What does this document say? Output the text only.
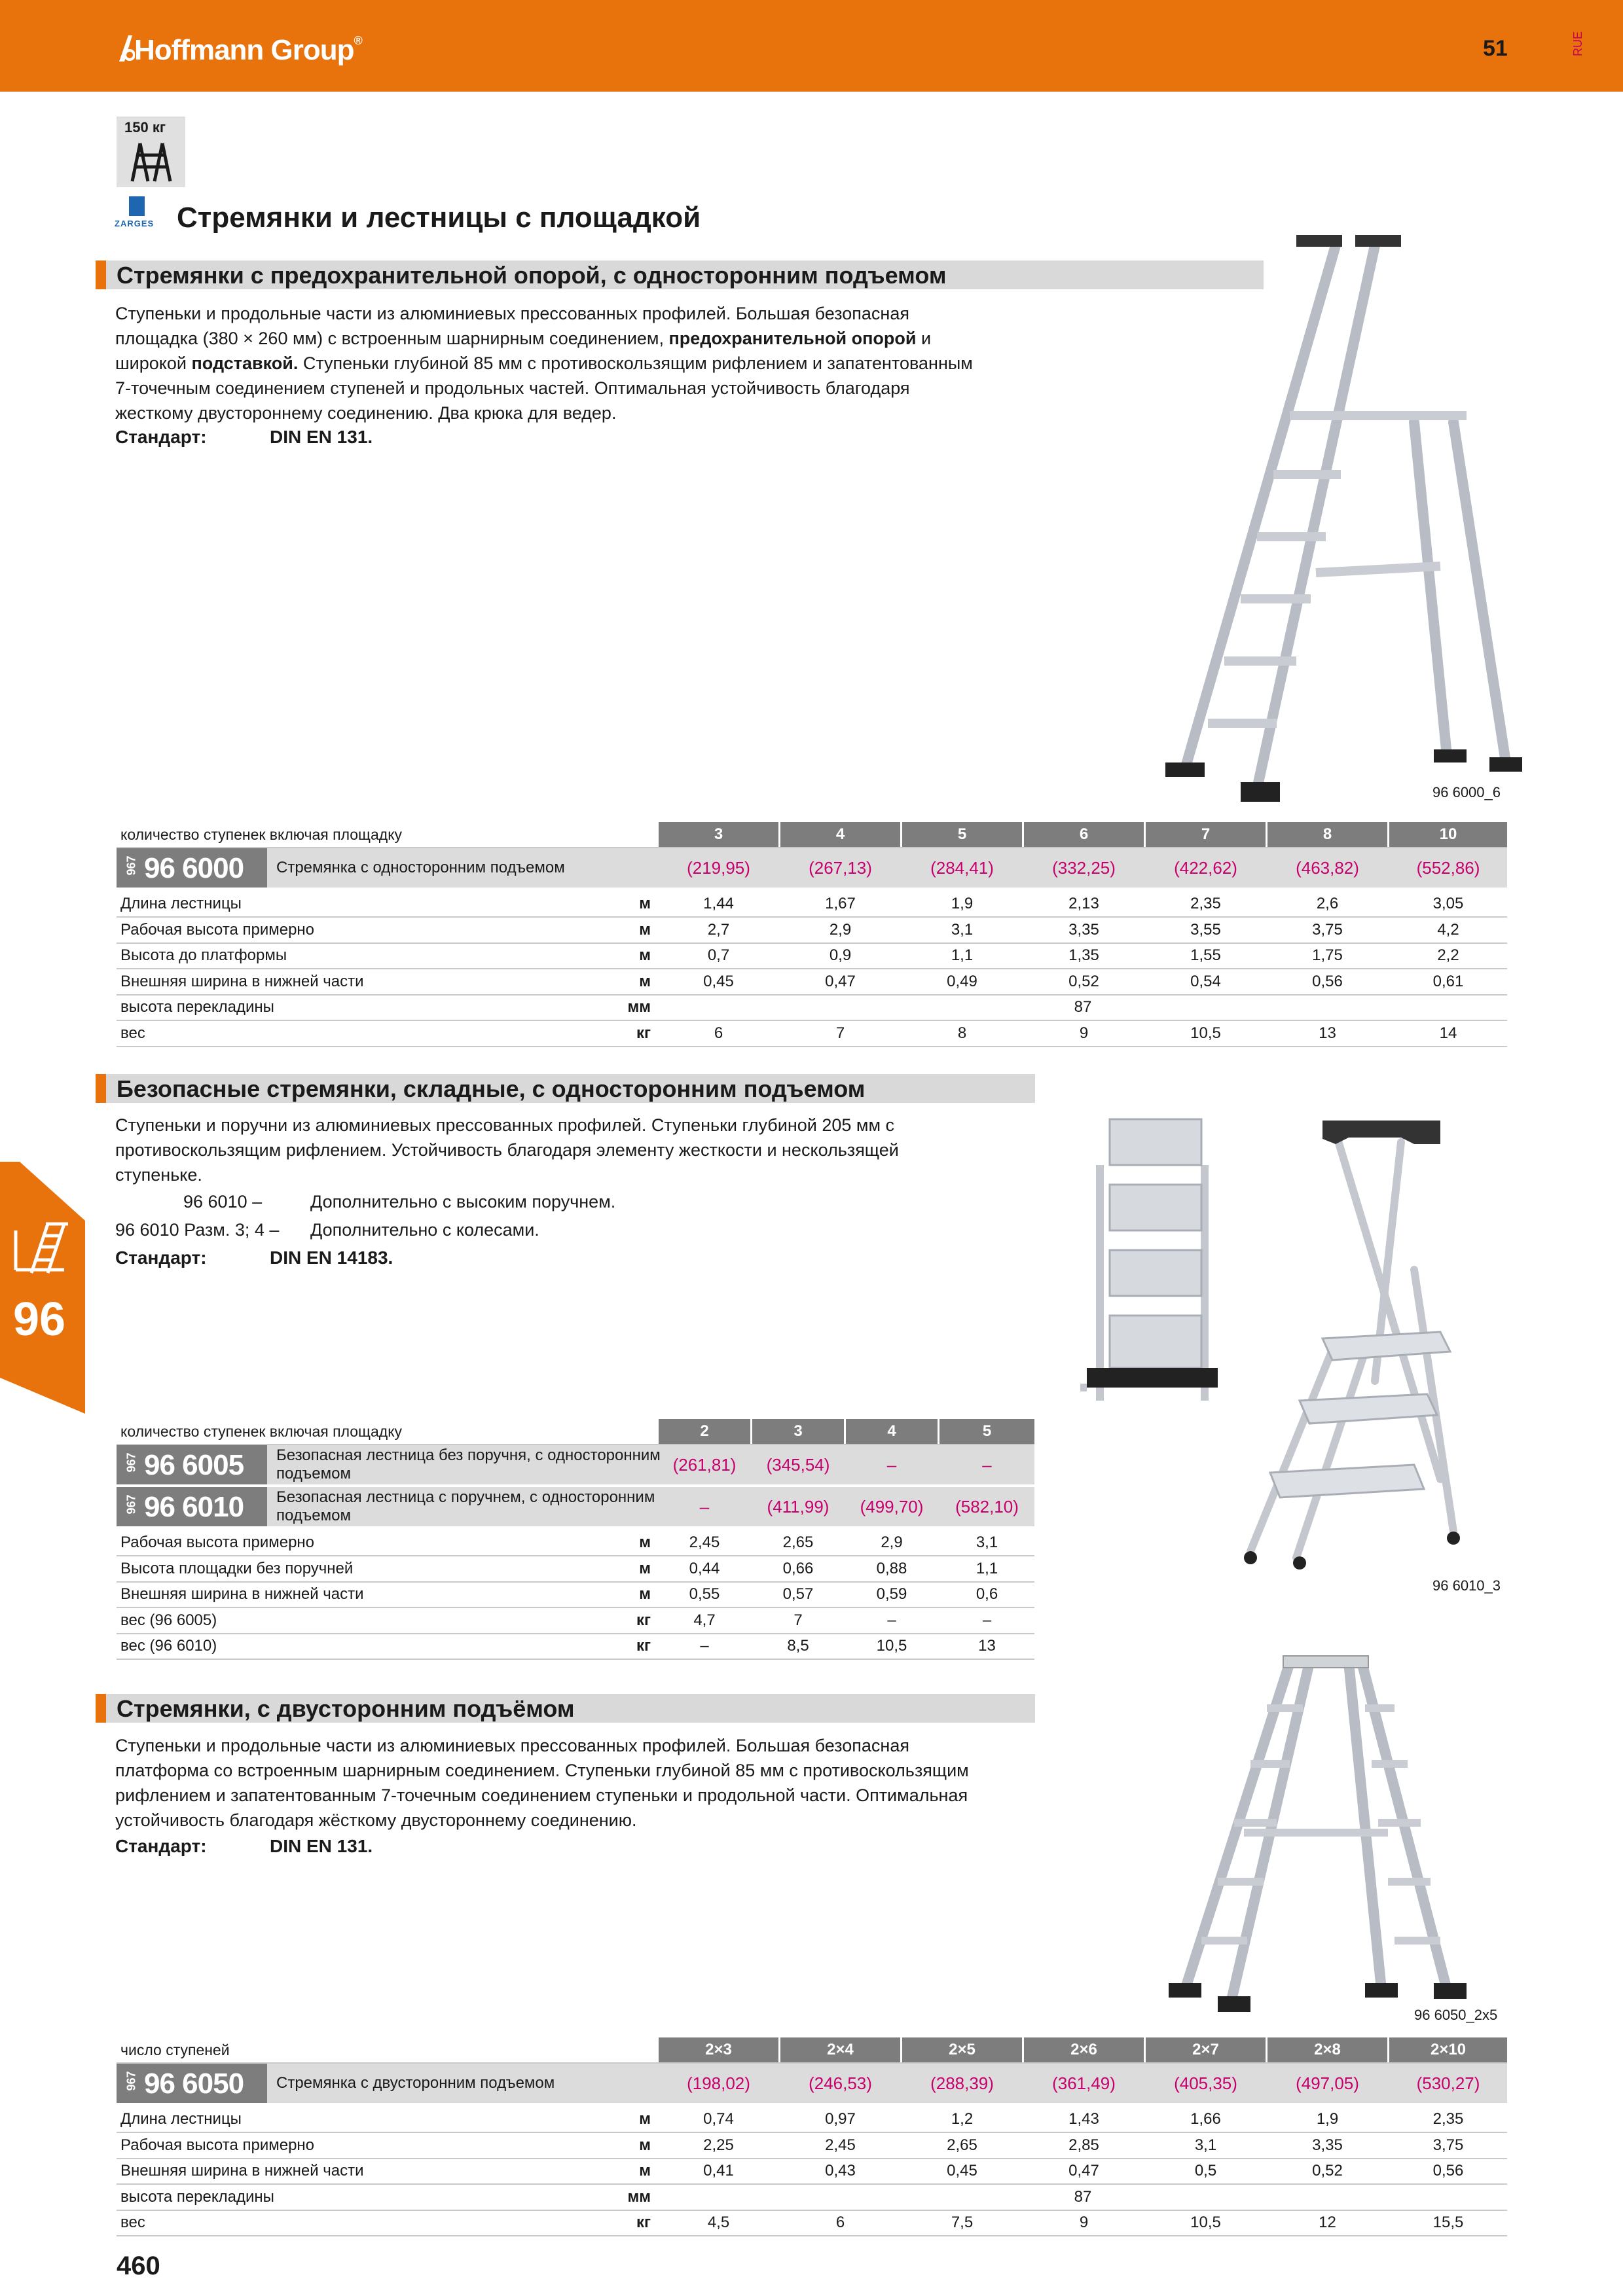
Hoffmann Group®	51	RUE
150 кг
ZARGES Стремянки и лестницы с площадкой
Стремянки с предохранительной опорой, с односторонним подъемом
Ступеньки и продольные части из алюминиевых прессованных профилей. Большая безопасная
площадка (380 × 260 мм) с встроенным шарнирным соединением, предохранительной опорой и
широкой подставкой. Ступеньки глубиной 85 мм с противоскользящим рифлением и запатентованным
7-точечным соединением ступеней и продольных частей. Оптимальная устойчивость благодаря
жесткому двустороннему соединению. Два крюка для ведер.
Стандарт:	DIN EN 131.
96 6000_6
количество ступенек включая площадку	3	4	5	6	7	8	10
967 96 6000 Стремянка с односторонним подъемом	(219,95)	(267,13)	(284,41)	(332,25)	(422,62)	(463,82)	(552,86)
Длина лестницы	м	1,44	1,67	1,9	2,13	2,35	2,6	3,05
Рабочая высота примерно	м	2,7	2,9	3,1	3,35	3,55	3,75	4,2
Высота до платформы	м	0,7	0,9	1,1	1,35	1,55	1,75	2,2
Внешняя ширина в нижней части	м	0,45	0,47	0,49	0,52	0,54	0,56	0,61
высота перекладины	мм	87
вес	кг	6	7	8	9	10,5	13	14
Безопасные стремянки, складные, с односторонним подъемом
Ступеньки и поручни из алюминиевых прессованных профилей. Ступеньки глубиной 205 мм с
противоскользящим рифлением. Устойчивость благодаря элементу жесткости и нескользящей
ступеньке.
96 6010 –	Дополнительно с высоким поручнем.
96 6010 Разм. 3; 4 – Дополнительно с колесами.
Стандарт:	DIN EN 14183.
96 6010_3
количество ступенек включая площадку	2	3	4	5
967 96 6005 Безопасная лестница без поручня, с односторонним
подъемом	(261,81)	(345,54)	–	–
967 96 6010 Безопасная лестница с поручнем, с односторонним
подъемом	–	(411,99)	(499,70)	(582,10)
Рабочая высота примерно	м	2,45	2,65	2,9	3,1
Высота площадки без поручней	м	0,44	0,66	0,88	1,1
Внешняя ширина в нижней части	м	0,55	0,57	0,59	0,6
вес (96 6005)	кг	4,7	7	–	–
вес (96 6010)	кг	–	8,5	10,5	13
Стремянки, с двусторонним подъёмом
Ступеньки и продольные части из алюминиевых прессованных профилей. Большая безопасная
платформа со встроенным шарнирным соединением. Ступеньки глубиной 85 мм с противоскользящим
рифлением и запатентованным 7-точечным соединением ступеньки и продольной части. Оптимальная
устойчивость благодаря жёсткому двустороннему соединению.
Стандарт:	DIN EN 131.
96 6050_2x5
число ступеней	2×3	2×4	2×5	2×6	2×7	2×8	2×10
967 96 6050 Стремянка с двусторонним подъемом	(198,02)	(246,53)	(288,39)	(361,49)	(405,35)	(497,05)	(530,27)
Длина лестницы	м	0,74	0,97	1,2	1,43	1,66	1,9	2,35
Рабочая высота примерно	м	2,25	2,45	2,65	2,85	3,1	3,35	3,75
Внешняя ширина в нижней части	м	0,41	0,43	0,45	0,47	0,5	0,52	0,56
высота перекладины	мм	87
вес	кг	4,5	6	7,5	9	10,5	12	15,5
96
460
